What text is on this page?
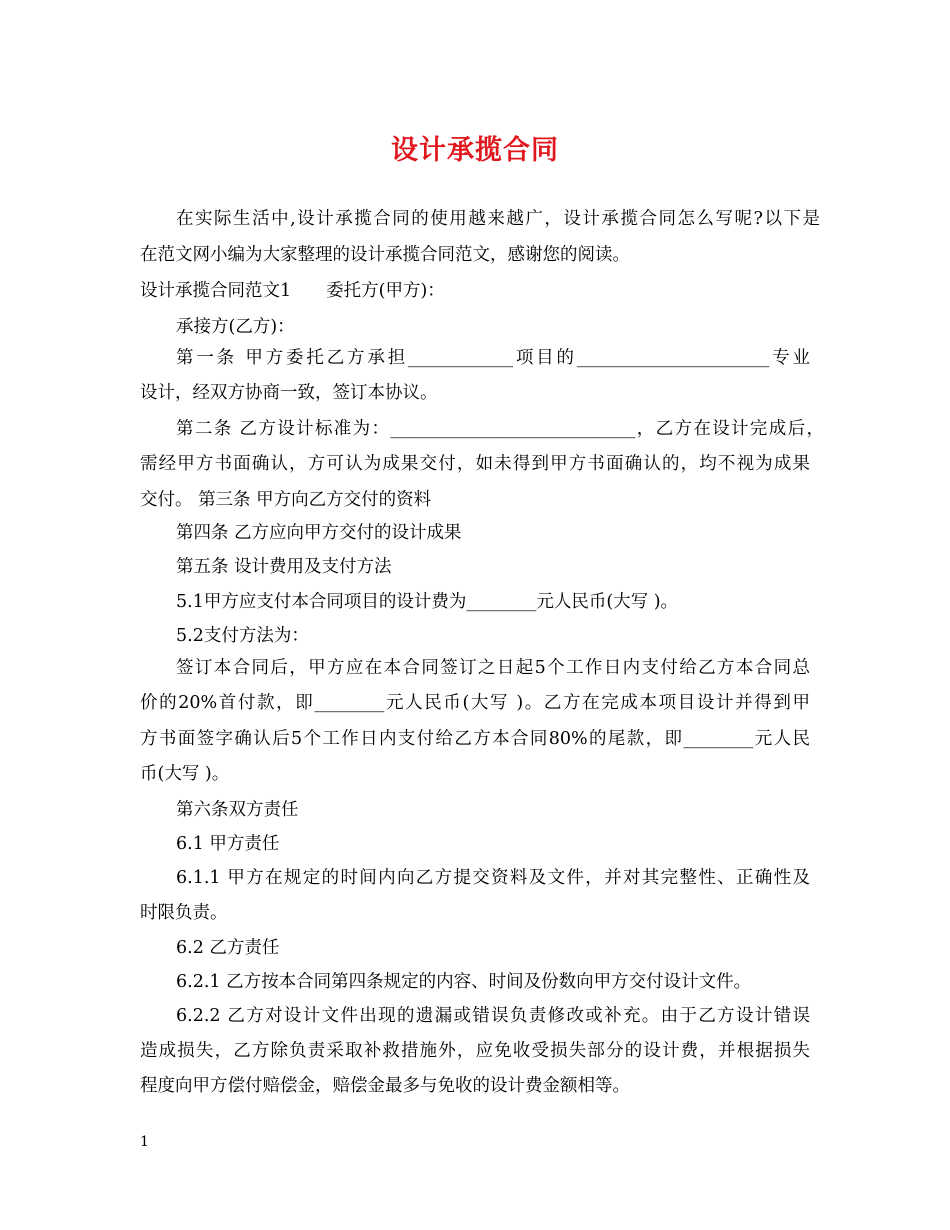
设计承揽合同
在实际生活中,设计承揽合同的使用越来越广，设计承揽合同怎么写呢?以下是
在范文网小编为大家整理的设计承揽合同范文，感谢您的阅读。
设计承揽合同范文1　　委托方(甲方)：
承接方(乙方)：
第一条 甲方委托乙方承担____________项目的______________________专业
设计，经双方协商一致，签订本协议。
第二条 乙方设计标准为：____________________________，乙方在设计完成后，
需经甲方书面确认，方可认为成果交付，如未得到甲方书面确认的，均不视为成果
交付。 第三条 甲方向乙方交付的资料
第四条 乙方应向甲方交付的设计成果
第五条 设计费用及支付方法
5.1甲方应支付本合同项目的设计费为________元人民币(大写 )。
5.2支付方法为：
签订本合同后，甲方应在本合同签订之日起5个工作日内支付给乙方本合同总
价的20%首付款，即________元人民币(大写 )。乙方在完成本项目设计并得到甲
方书面签字确认后5个工作日内支付给乙方本合同80%的尾款，即________元人民
币(大写 )。
第六条双方责任
6.1 甲方责任
6.1.1 甲方在规定的时间内向乙方提交资料及文件，并对其完整性、正确性及
时限负责。
6.2 乙方责任
6.2.1 乙方按本合同第四条规定的内容、时间及份数向甲方交付设计文件。
6.2.2 乙方对设计文件出现的遗漏或错误负责修改或补充。由于乙方设计错误
造成损失，乙方除负责采取补救措施外，应免收受损失部分的设计费，并根据损失
程度向甲方偿付赔偿金，赔偿金最多与免收的设计费金额相等。
1
